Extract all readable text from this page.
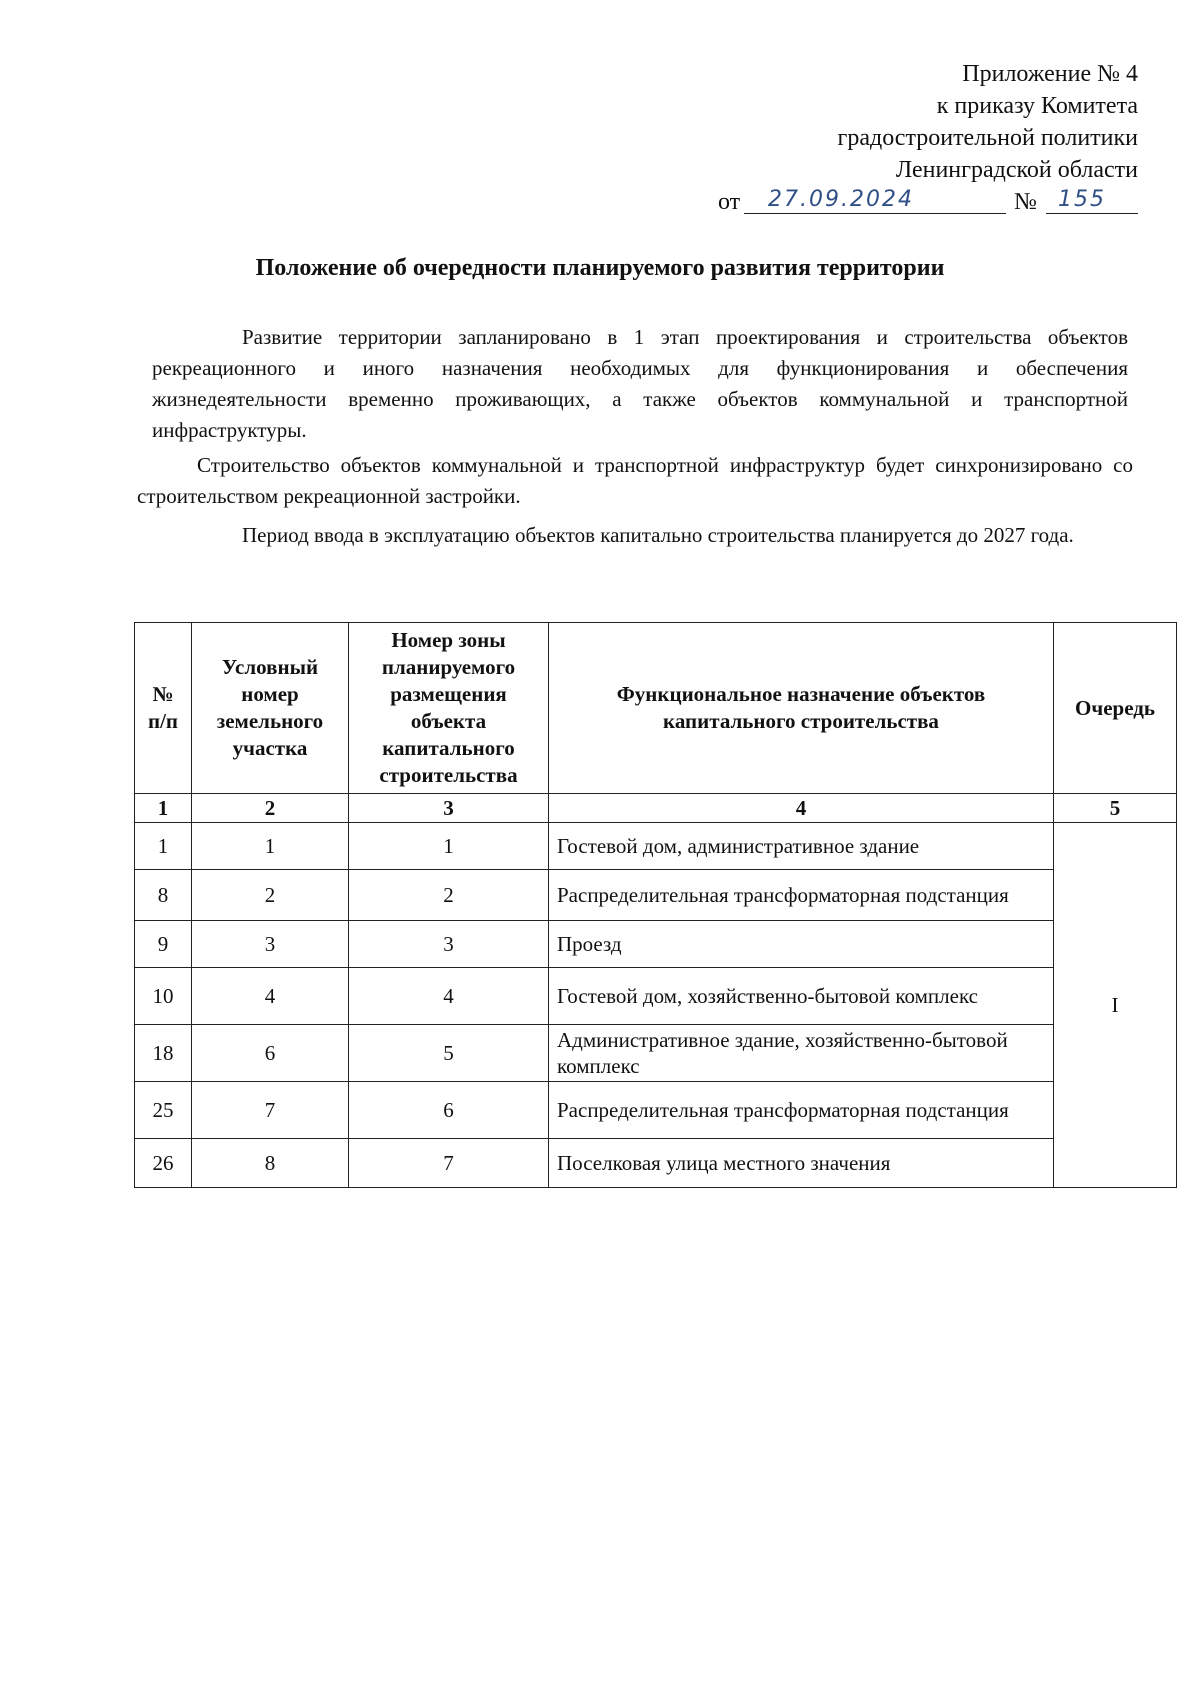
Приложение № 4
к приказу Комитета
градостроительной политики
Ленинградской области
от 27.09.2024	№ 155
Положение об очередности планируемого развития территории
Развитие территории запланировано в 1 этап проектирования и строительства объектов рекреационного и иного назначения необходимых для функционирования и обеспечения жизнедеятельности временно проживающих, а также объектов коммунальной и транспортной инфраструктуры.
Строительство объектов коммунальной и транспортной инфраструктур будет синхронизировано со строительством рекреационной застройки.
Период ввода в эксплуатацию объектов капитально строительства планируется до 2027 года.
№ п/п	Условный номер земельного участка	Номер зоны планируемого размещения объекта капитального строительства	Функциональное назначение объектов капитального строительства	Очередь
1	2	3	4	5
1	1	1	Гостевой дом, административное здание	I
8	2	2	Распределительная трансформаторная подстанция	
9	3	3	Проезд	
10	4	4	Гостевой дом, хозяйственно-бытовой комплекс	
18	6	5	Административное здание, хозяйственно-бытовой комплекс	
25	7	6	Распределительная трансформаторная подстанция	
26	8	7	Поселковая улица местного значения	
